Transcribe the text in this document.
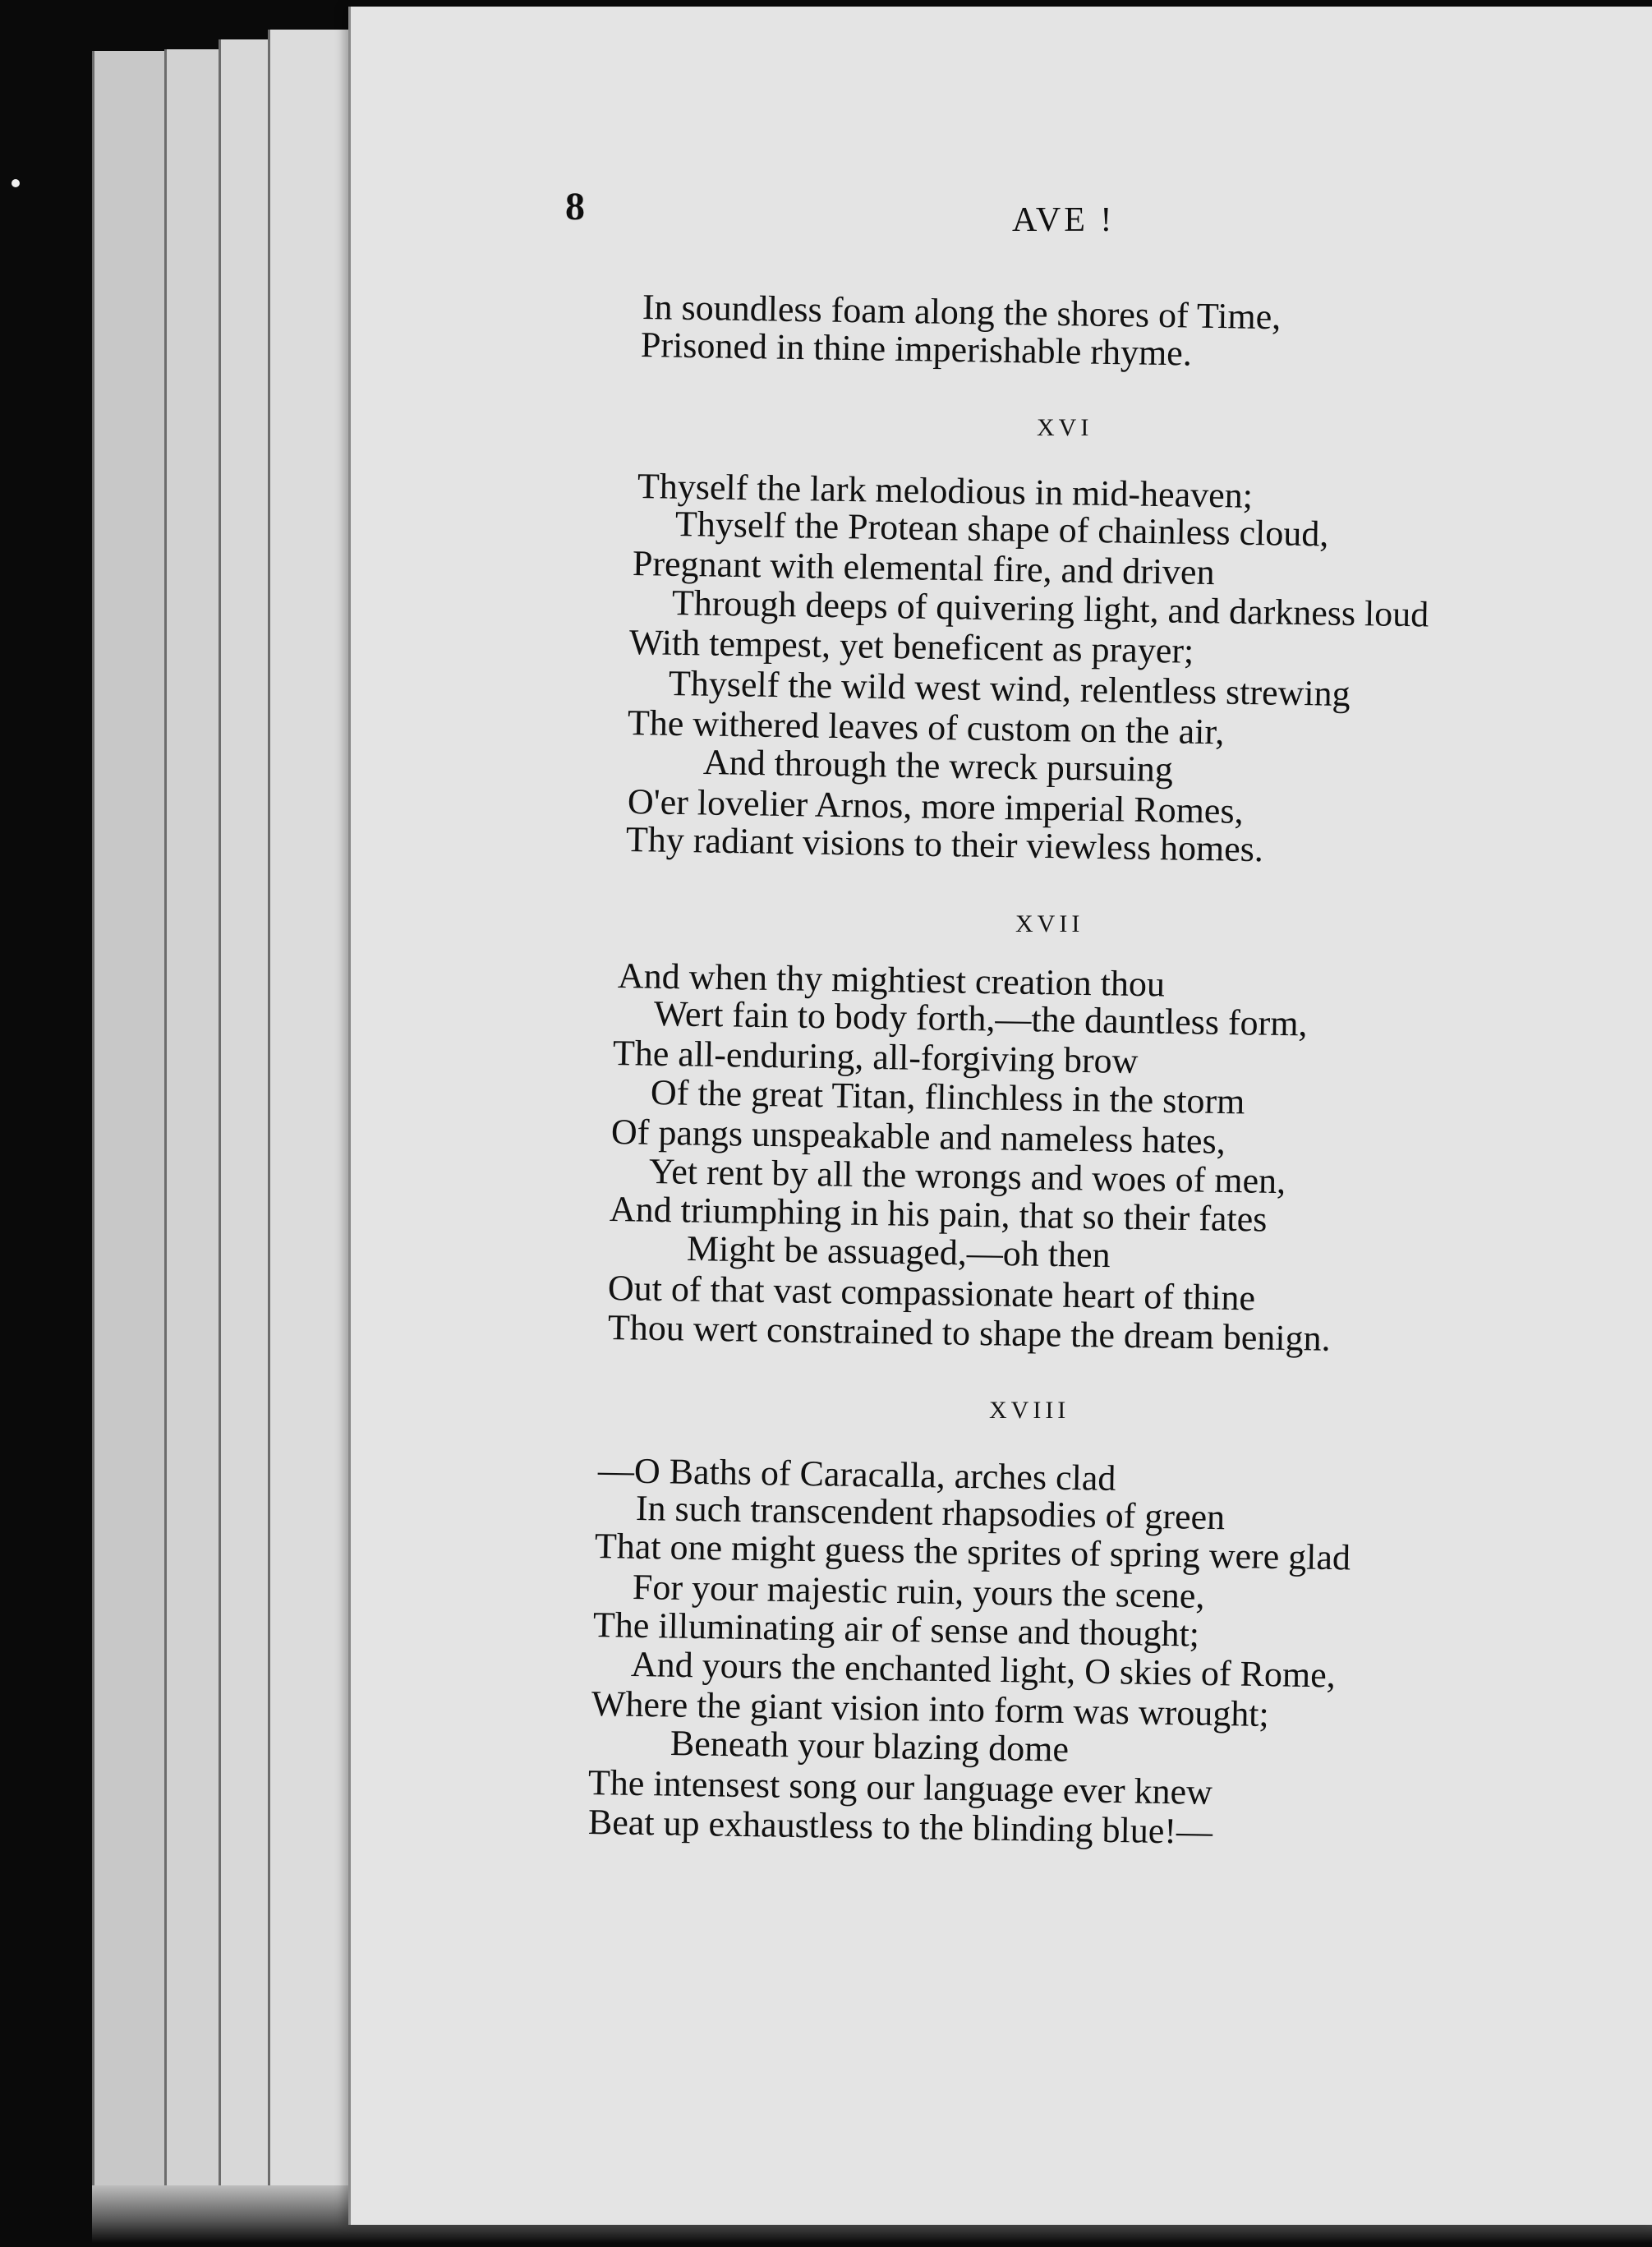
8	AVE !
In soundless foam along the shores of Time,
Prisoned in thine imperishable rhyme.
XVI
Thyself the lark melodious in mid-heaven;
Thyself the Protean shape of chainless cloud,
Pregnant with elemental fire, and driven
Through deeps of quivering light, and darkness loud
With tempest, yet beneficent as prayer;
Thyself the wild west wind, relentless strewing
The withered leaves of custom on the air,
And through the wreck pursuing
O'er lovelier Arnos, more imperial Romes,
Thy radiant visions to their viewless homes.
XVII
And when thy mightiest creation thou
Wert fain to body forth,—the dauntless form,
The all-enduring, all-forgiving brow
Of the great Titan, flinchless in the storm
Of pangs unspeakable and nameless hates,
Yet rent by all the wrongs and woes of men,
And triumphing in his pain, that so their fates
Might be assuaged,—oh then
Out of that vast compassionate heart of thine
Thou wert constrained to shape the dream benign.
XVIII
—O Baths of Caracalla, arches clad
In such transcendent rhapsodies of green
That one might guess the sprites of spring were glad
For your majestic ruin, yours the scene,
The illuminating air of sense and thought;
And yours the enchanted light, O skies of Rome,
Where the giant vision into form was wrought;
Beneath your blazing dome
The intensest song our language ever knew
Beat up exhaustless to the blinding blue!—
